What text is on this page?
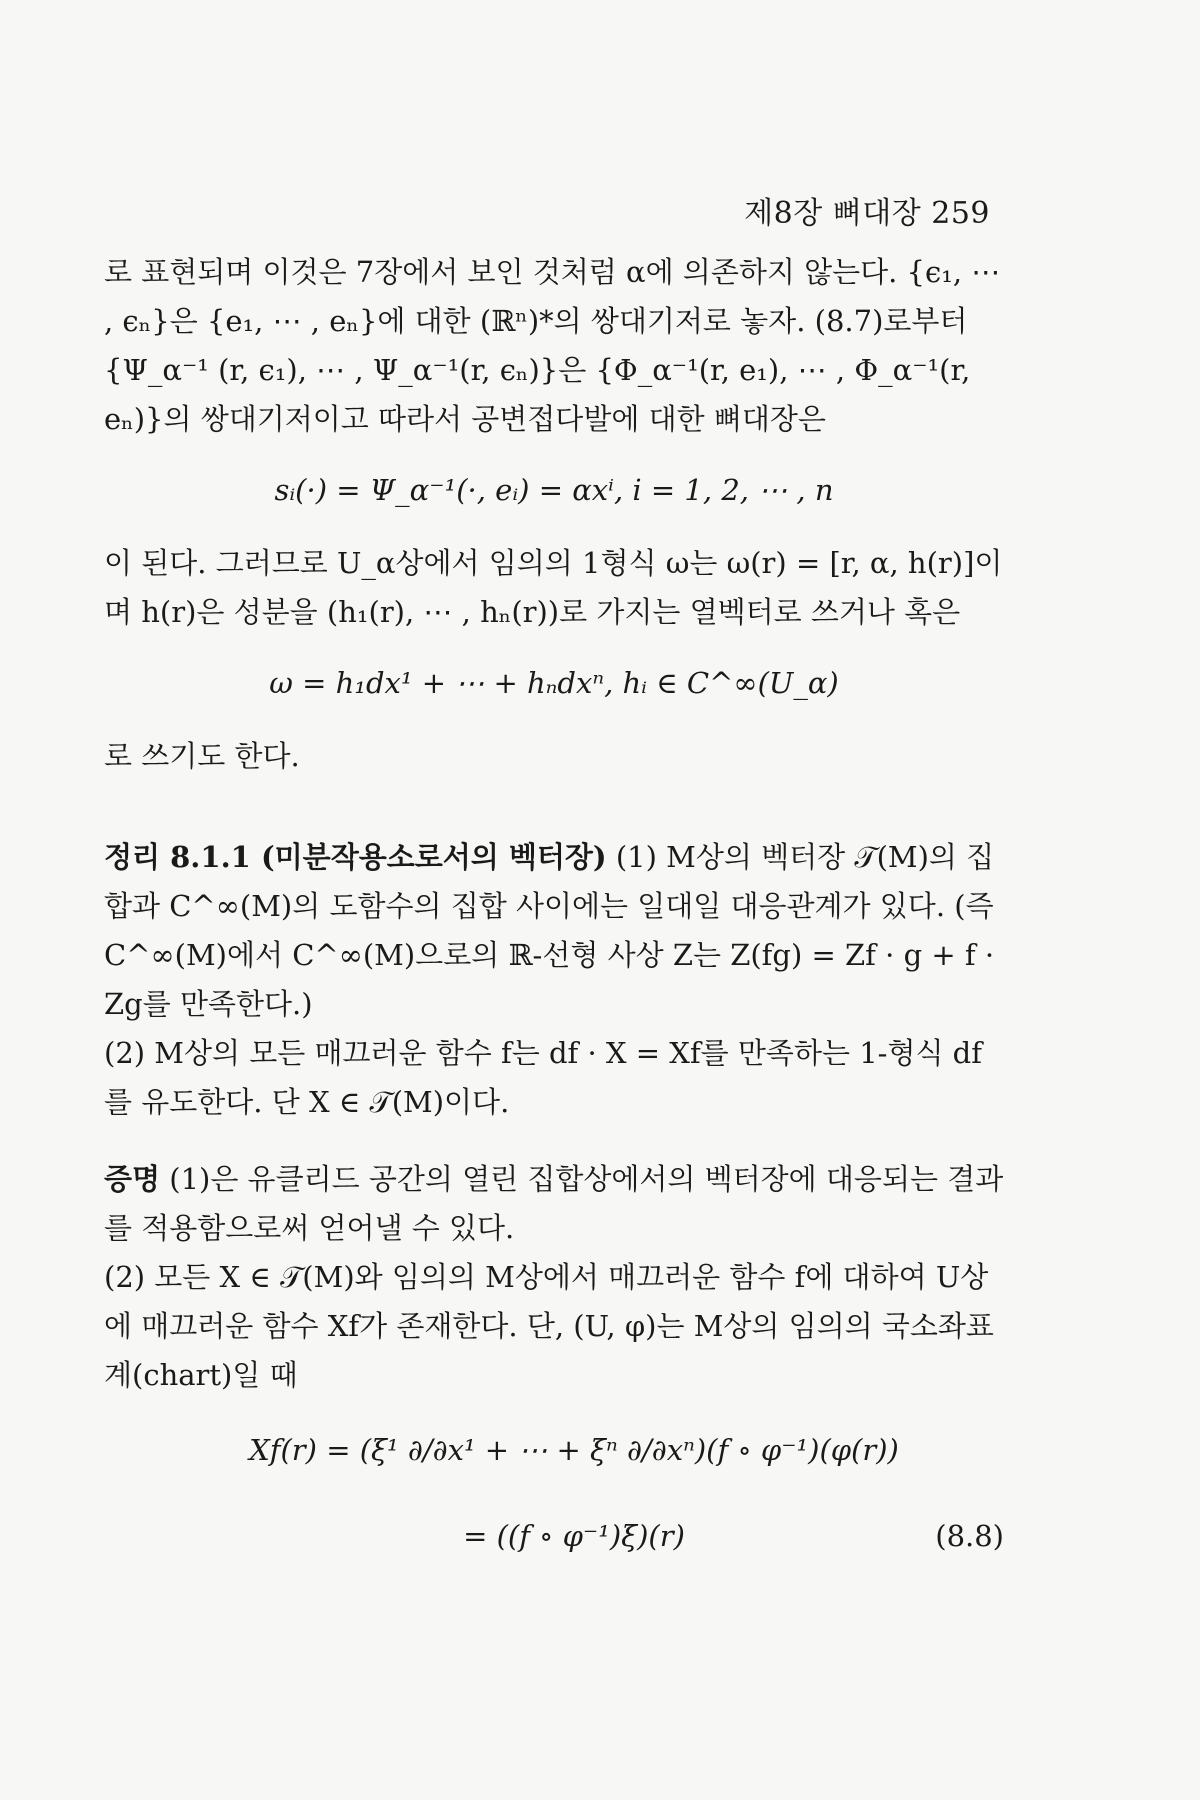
제8장 뼈대장 259

로 표현되며 이것은 7장에서 보인 것처럼 α에 의존하지 않는다. {ϵ₁, ⋯ , ϵₙ}은 {e₁, ⋯ , eₙ}에 대한 (ℝⁿ)*의 쌍대기저로 놓자. (8.7)로부터 {Ψ_α⁻¹ (r, ϵ₁), ⋯ , Ψ_α⁻¹(r, ϵₙ)}은 {Φ_α⁻¹(r, e₁), ⋯ , Φ_α⁻¹(r, eₙ)}의 쌍대기저이고 따라서 공변접다발에 대한 뼈대장은

sᵢ(·) = Ψ_α⁻¹(·, eᵢ) = αxⁱ, i = 1, 2, ⋯ , n

이 된다. 그러므로 U_α상에서 임의의 1형식 ω는 ω(r) = [r, α, h(r)]이며 h(r)은 성분을 (h₁(r), ⋯ , hₙ(r))로 가지는 열벡터로 쓰거나 혹은

ω = h₁dx¹ + ⋯ + hₙdxⁿ, hᵢ ∈ C^∞(U_α)

로 쓰기도 한다.

정리 8.1.1 (미분작용소로서의 벡터장) (1) M상의 벡터장 𝒯(M)의 집합과 C^∞(M)의 도함수의 집합 사이에는 일대일 대응관계가 있다. (즉 C^∞(M)에서 C^∞(M)으로의 ℝ-선형 사상 Z는 Z(fg) = Zf · g + f · Zg를 만족한다.)

(2) M상의 모든 매끄러운 함수 f는 df · X = Xf를 만족하는 1-형식 df를 유도한다. 단 X ∈ 𝒯(M)이다.

증명 (1)은 유클리드 공간의 열린 집합상에서의 벡터장에 대응되는 결과를 적용함으로써 얻어낼 수 있다.

(2) 모든 X ∈ 𝒯(M)와 임의의 M상에서 매끄러운 함수 f에 대하여 U상에 매끄러운 함수 Xf가 존재한다. 단, (U, φ)는 M상의 임의의 국소좌표계(chart)일 때

Xf(r) = (ξ¹ ∂/∂x¹ + ⋯ + ξⁿ ∂/∂xⁿ)(f ∘ φ⁻¹)(φ(r))
= ((f ∘ φ⁻¹)ξ)(r)	(8.8)
